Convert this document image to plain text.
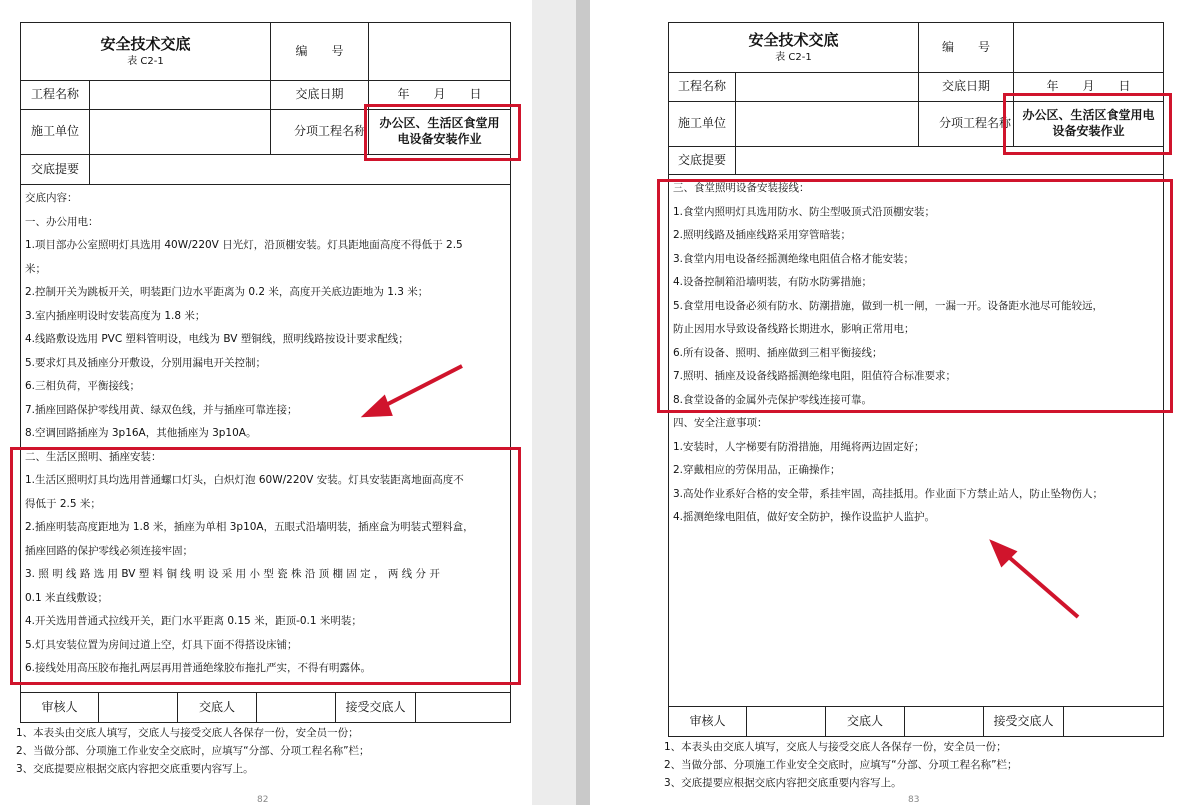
安全技术交底
表 C2-1
编　　号
工程名称	交底日期	年　　月　　日
施工单位	分项工程名称
办公区、生活区食堂用电设备安装作业
交底提要
交底内容：
一、办公用电：
1.项目部办公室照明灯具选用 40W/220V 日光灯，沿顶棚安装。灯具距地面高度不得低于 2.5
米；
2.控制开关为跳板开关，明装距门边水平距离为 0.2 米，高度开关底边距地为 1.3 米；
3.室内插座明设时安装高度为 1.8 米；
4.线路敷设选用 PVC 塑料管明设，电线为 BV 塑铜线，照明线路按设计要求配线；
5.要求灯具及插座分开敷设，分别用漏电开关控制；
6.三相负荷，平衡接线；
7.插座回路保护零线用黄、绿双色线，并与插座可靠连接；
8.空调回路插座为 3p16A，其他插座为 3p10A。
二、生活区照明、插座安装：
1.生活区照明灯具均选用普通螺口灯头，白炽灯泡 60W/220V 安装。灯具安装距离地面高度不
得低于 2.5 米；
2.插座明装高度距地为 1.8 米，插座为单相 3p10A，五眼式沿墙明装，插座盒为明装式塑料盒，
插座回路的保护零线必须连接牢固；
3. 照 明 线 路 选 用 BV 塑 料 铜 线 明 设 采 用 小 型 瓷 株 沿 顶 棚 固 定 ， 两 线 分 开
0.1 米直线敷设；
4.开关选用普通式拉线开关，距门水平距离 0.15 米，距顶-0.1 米明装；
5.灯具安装位置为房间过道上空，灯具下面不得搭设床铺；
6.接线处用高压胶布拖扎两层再用普通绝缘胶布拖扎严实，不得有明露体。
审核人	交底人	接受交底人
1、本表头由交底人填写，交底人与接受交底人各保存一份，安全员一份；
2、当做分部、分项施工作业安全交底时，应填写“分部、分项工程名称”栏；
3、交底提要应根据交底内容把交底重要内容写上。
82
安全技术交底
表 C2-1
编　　号
工程名称	交底日期	年　　月　　日
施工单位	分项工程名称
办公区、生活区食堂用电设备安装作业
交底提要
三、食堂照明设备安装接线：
1.食堂内照明灯具选用防水、防尘型吸顶式沿顶棚安装；
2.照明线路及插座线路采用穿管暗装；
3.食堂内用电设备经摇测绝缘电阻值合格才能安装；
4.设备控制箱沿墙明装，有防水防雾措施；
5.食堂用电设备必须有防水、防潮措施，做到一机一闸，一漏一开。设备距水池尽可能较远，
防止因用水导致设备线路长期进水，影响正常用电；
6.所有设备、照明、插座做到三相平衡接线；
7.照明、插座及设备线路摇测绝缘电阻，阻值符合标准要求；
8.食堂设备的金属外壳保护零线连接可靠。
四、安全注意事项：
1.安装时，人字梯要有防滑措施，用绳将两边固定好；
2.穿戴相应的劳保用品，正确操作；
3.高处作业系好合格的安全带，系挂牢固，高挂抵用。作业面下方禁止站人，防止坠物伤人；
4.摇测绝缘电阻值，做好安全防护，操作设监护人监护。
审核人	交底人	接受交底人
1、本表头由交底人填写，交底人与接受交底人各保存一份，安全员一份；
2、当做分部、分项施工作业安全交底时，应填写“分部、分项工程名称”栏；
3、交底提要应根据交底内容把交底重要内容写上。
83
